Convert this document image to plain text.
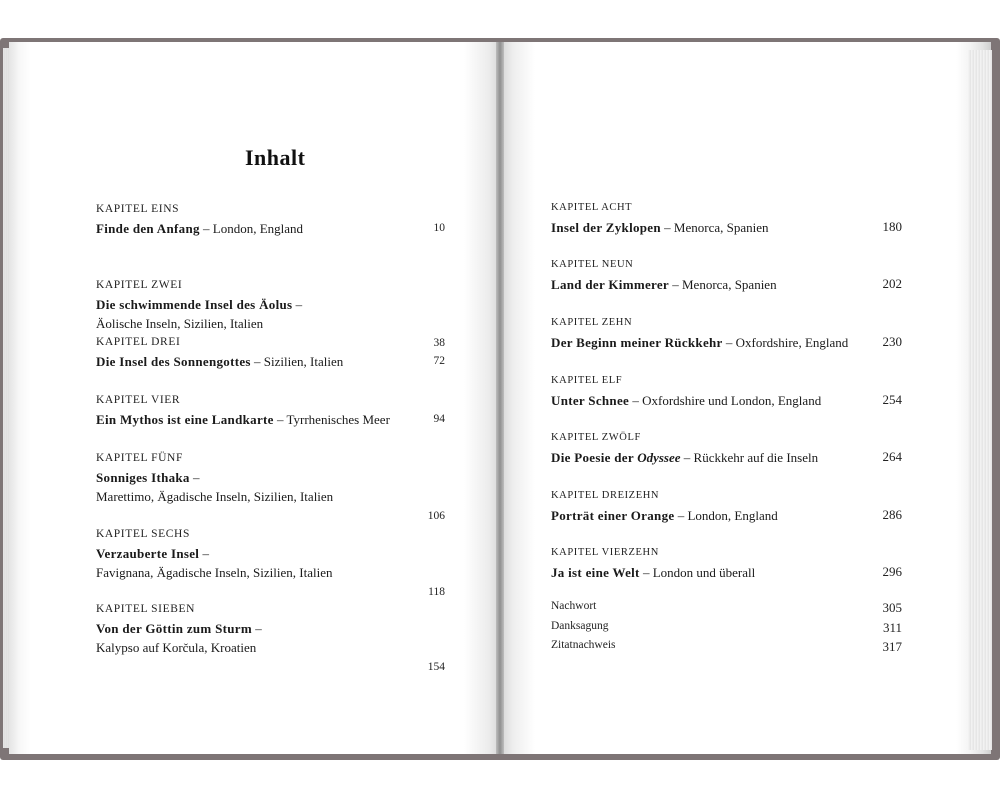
Inhalt
KAPITEL EINS
Finde den Anfang – London, England	10
KAPITEL ZWEI
Die schwimmende Insel des Äolus –
Äolische Inseln, Sizilien, Italien
38
KAPITEL DREI
Die Insel des Sonnengottes – Sizilien, Italien	72
KAPITEL VIER
Ein Mythos ist eine Landkarte – Tyrrhenisches Meer	94
KAPITEL FÜNF
Sonniges Ithaka –
Marettimo, Ägadische Inseln, Sizilien, Italien
106
KAPITEL SECHS
Verzauberte Insel –
Favignana, Ägadische Inseln, Sizilien, Italien
118
KAPITEL SIEBEN
Von der Göttin zum Sturm –
Kalypso auf Korčula, Kroatien
154
KAPITEL ACHT
Insel der Zyklopen – Menorca, Spanien	180
KAPITEL NEUN
Land der Kimmerer – Menorca, Spanien	202
KAPITEL ZEHN
Der Beginn meiner Rückkehr – Oxfordshire, England	230
KAPITEL ELF
Unter Schnee – Oxfordshire und London, England	254
KAPITEL ZWÖLF
Die Poesie der Odyssee – Rückkehr auf die Inseln	264
KAPITEL DREIZEHN
Porträt einer Orange – London, England	286
KAPITEL VIERZEHN
Ja ist eine Welt – London und überall	296
Nachwort	305
Danksagung	311
Zitatnachweis	317
